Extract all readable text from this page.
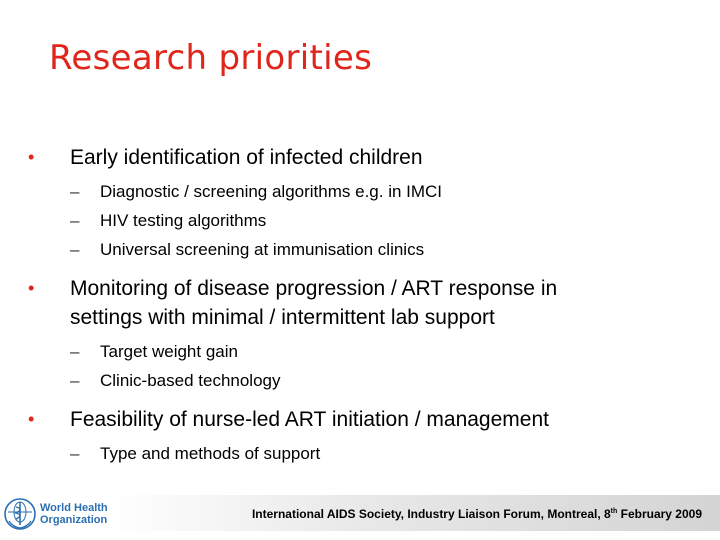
Research priorities
• Early identification of infected children
– Diagnostic / screening algorithms e.g. in IMCI
– HIV testing algorithms
– Universal screening at immunisation clinics
• Monitoring of disease progression / ART response in
settings with minimal / intermittent lab support
– Target weight gain
– Clinic-based technology
• Feasibility of nurse-led ART initiation / management
– Type and methods of support
World Health
Organization	International AIDS Society, Industry Liaison Forum, Montreal, 8th February 2009
